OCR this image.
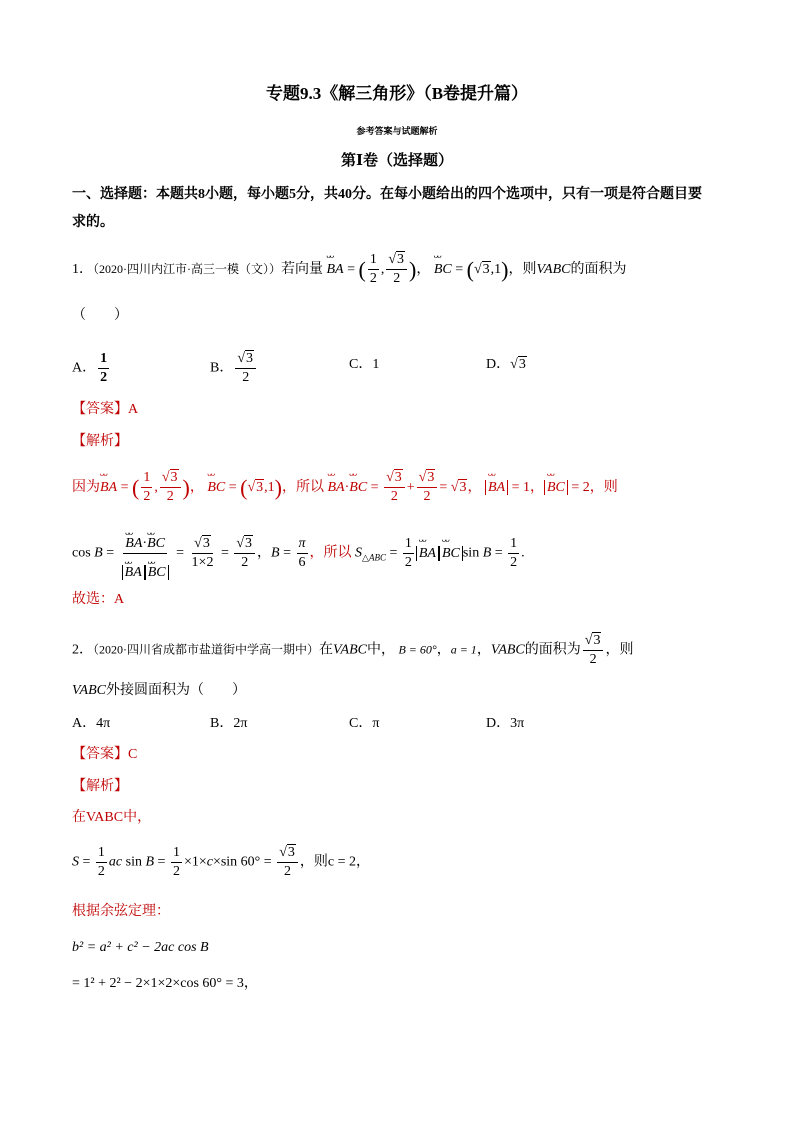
专题9.3《解三角形》（B卷提升篇）
参考答案与试题解析
第Ⅰ卷（选择题）
一、选择题：本题共8小题，每小题5分，共40分。在每小题给出的四个选项中，只有一项是符合题目要
求的。
1．（2020·四川内江市·高三一模（文））若向量 ᴗᴗ BA = ( $\frac{1}{2}$ , $\frac{√3}{2}$ )， ᴗᴗ BC = (√3,1)，则VABC的面积为
（　　）
A． $\frac{1}{2}$	B． $\frac{√3}{2}$	C．1	D．√3
【答案】A
【解析】
因为ᴗᴗ BA = ( $\frac{1}{2}$ , $\frac{√3}{2}$ )， ᴗᴗ BC = (√3,1)，所以 ᴗᴗ BA·ᴗᴗ BC = $\frac{√3}{2} + \frac{√3}{2} = √3$， ᴗᴗ BA = 1， ᴗᴗ BC = 2，则
cos B = ᴗᴗ BA·ᴗᴗ BC
ᴗᴗ BA ᴗᴗ BC = $\frac{√3}{1\times 2} = \frac{√3}{2}$ ，$B = \frac{\pi}{6}$ ，所以 $S_{\triangle ABC} = \frac{1}{2}$ ᴗᴗ BA ᴗᴗ BC $\sin B = \frac{1}{2}$ .
故选：A
2．（2020·四川省成都市盐道街中学高一期中）在VABC中， B = 60°，a = 1，VABC的面积为 $\frac{√3}{2}$ ，则
VABC外接圆面积为（　　）
A．4π	B．2π	C．π	D．3π
【答案】C
【解析】
在VABC中，
$S = \frac{1}{2}$ ac $\sin B = \frac{1}{2} \times 1\times c\times\sin$ $60^\circ = \frac{√3}{2}$ ，则c = 2，
根据余弦定理：
b² = a² + c² − 2ac cos B
= 1² + 2² − 2×1×2×cos 60° = 3，
